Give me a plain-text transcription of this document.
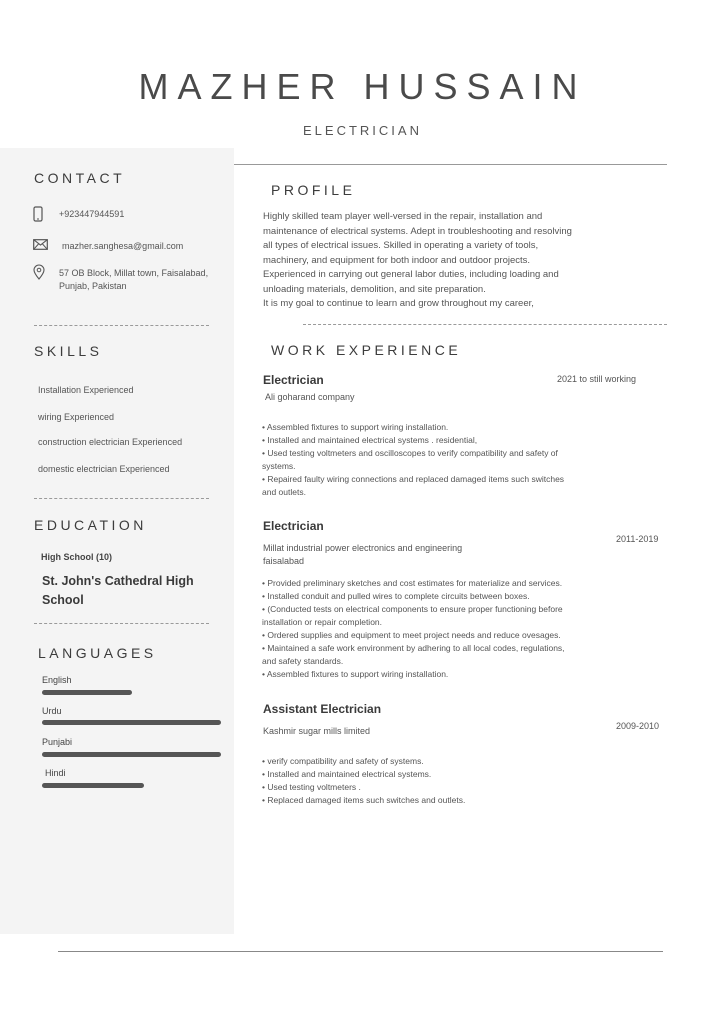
MAZHER HUSSAIN
ELECTRICIAN
CONTACT
+923447944591
mazher.sanghesa@gmail.com
57 OB Block, Millat town, Faisalabad,
Punjab, Pakistan
SKILLS
Installation Experienced
wiring Experienced
construction electrician Experienced
domestic electrician Experienced
EDUCATION
High School (10)
St. John's Cathedral High
School
LANGUAGES
English
Urdu
Punjabi
Hindi
PROFILE
Highly skilled team player well-versed in the repair, installation and
maintenance of electrical systems. Adept in troubleshooting and resolving
all types of electrical issues. Skilled in operating a variety of tools,
machinery, and equipment for both indoor and outdoor projects.
Experienced in carrying out general labor duties, including loading and
unloading materials, demolition, and site preparation.
It is my goal to continue to learn and grow throughout my career,
WORK EXPERIENCE
Electrician	2021 to still working
Ali goharand company
• Assembled fixtures to support wiring installation.
• Installed and maintained electrical systems . residential,
• Used testing voltmeters and oscilloscopes to verify compatibility and safety of
systems.
• Repaired faulty wiring connections and replaced damaged items such switches
and outlets.
Electrician
2011-2019
Millat industrial power electronics and engineering
faisalabad
• Provided preliminary sketches and cost estimates for materialize and services.
• Installed conduit and pulled wires to complete circuits between boxes.
• (Conducted tests on electrical components to ensure proper functioning before
installation or repair completion.
• Ordered supplies and equipment to meet project needs and reduce ovesages.
• Maintained a safe work environment by adhering to all local codes, regulations,
and safety standards.
• Assembled fixtures to support wiring installation.
Assistant Electrician
2009-2010
Kashmir sugar mills limited
• verify compatibility and safety of systems.
• Installed and maintained electrical systems.
• Used testing voltmeters .
• Replaced damaged items such switches and outlets.
